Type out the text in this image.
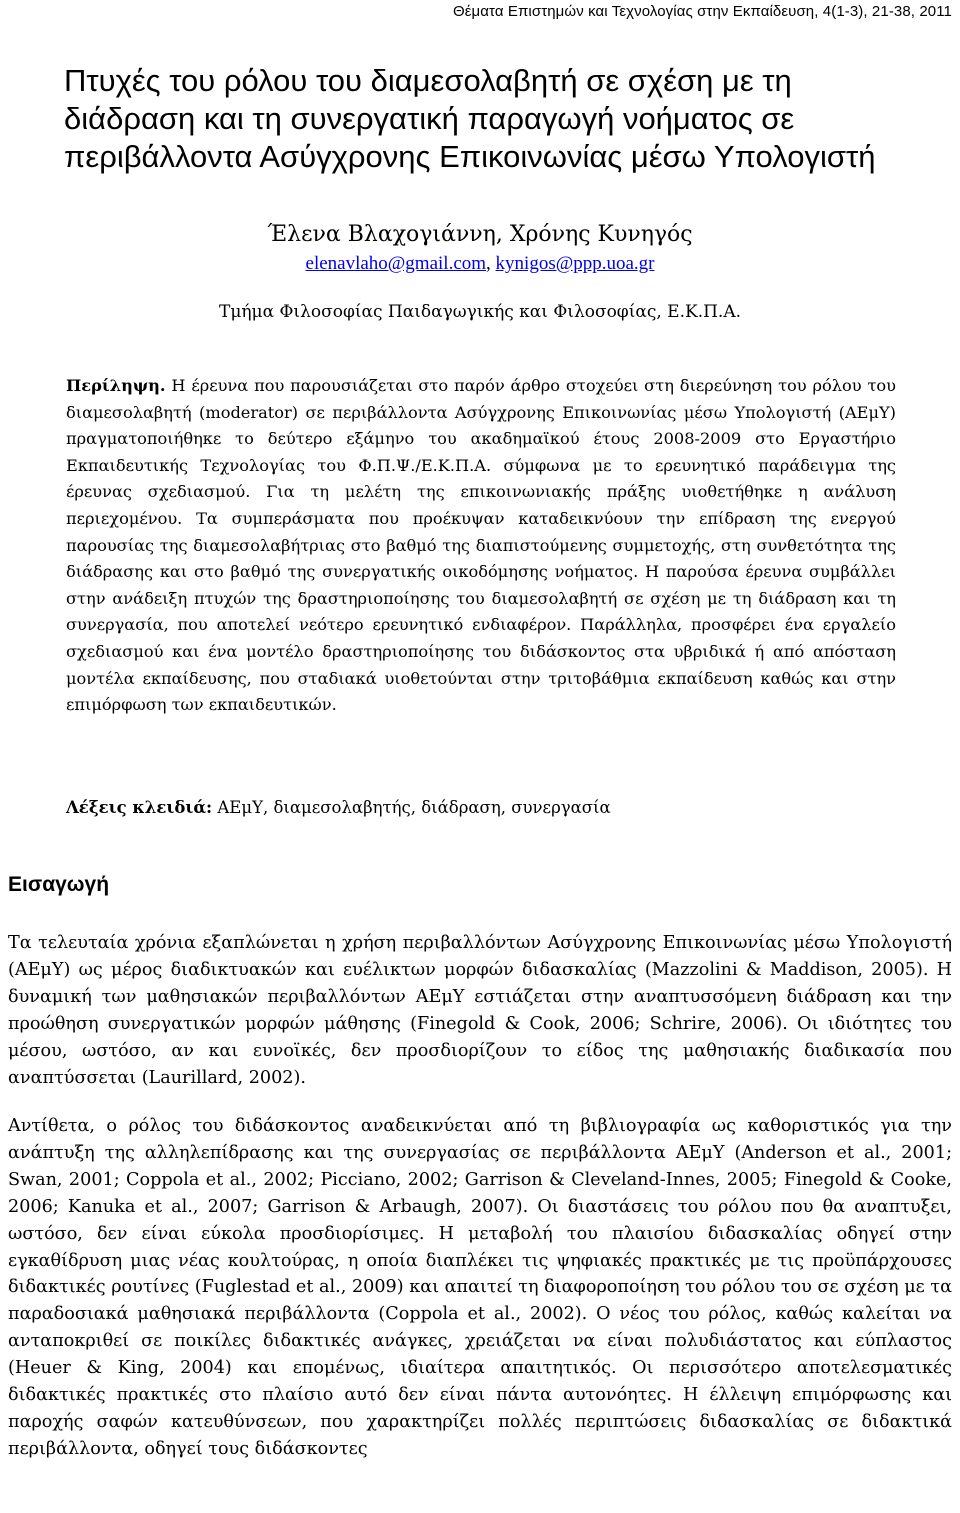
Θέματα Επιστημών και Τεχνολογίας στην Εκπαίδευση, 4(1-3), 21-38, 2011
Πτυχές του ρόλου του διαμεσολαβητή σε σχέση με τη διάδραση και τη συνεργατική παραγωγή νοήματος σε περιβάλλοντα Ασύγχρονης Επικοινωνίας μέσω Υπολογιστή
Έλενα Βλαχογιάννη, Χρόνης Κυνηγός
elenavlaho@gmail.com, kynigos@ppp.uoa.gr
Τμήμα Φιλοσοφίας Παιδαγωγικής και Φιλοσοφίας, Ε.Κ.Π.Α.

Περίληψη. Η έρευνα που παρουσιάζεται στο παρόν άρθρο στοχεύει στη διερεύνηση του ρόλου του διαμεσολαβητή (moderator) σε περιβάλλοντα Ασύγχρονης Επικοινωνίας μέσω Υπολογιστή (ΑΕμΥ) πραγματοποιήθηκε το δεύτερο εξάμηνο του ακαδημαϊκού έτους 2008-2009 στο Εργαστήριο Εκπαιδευτικής Τεχνολογίας του Φ.Π.Ψ./Ε.Κ.Π.Α. σύμφωνα με το ερευνητικό παράδειγμα της έρευνας σχεδιασμού. Για τη μελέτη της επικοινωνιακής πράξης υιοθετήθηκε η ανάλυση περιεχομένου. Τα συμπεράσματα που προέκυψαν καταδεικνύουν την επίδραση της ενεργού παρουσίας της διαμεσολαβήτριας στο βαθμό της διαπιστούμενης συμμετοχής, στη συνθετότητα της διάδρασης και στο βαθμό της συνεργατικής οικοδόμησης νοήματος. Η παρούσα έρευνα συμβάλλει στην ανάδειξη πτυχών της δραστηριοποίησης του διαμεσολαβητή σε σχέση με τη διάδραση και τη συνεργασία, που αποτελεί νεότερο ερευνητικό ενδιαφέρον. Παράλληλα, προσφέρει ένα εργαλείο σχεδιασμού και ένα μοντέλο δραστηριοποίησης του διδάσκοντος στα υβριδικά ή από απόσταση μοντέλα εκπαίδευσης, που σταδιακά υιοθετούνται στην τριτοβάθμια εκπαίδευση καθώς και στην επιμόρφωση των εκπαιδευτικών.

Λέξεις κλειδιά: ΑΕμΥ, διαμεσολαβητής, διάδραση, συνεργασία
Εισαγωγή

Τα τελευταία χρόνια εξαπλώνεται η χρήση περιβαλλόντων Ασύγχρονης Επικοινωνίας μέσω Υπολογιστή (ΑΕμΥ) ως μέρος διαδικτυακών και ευέλικτων μορφών διδασκαλίας (Mazzolini & Maddison, 2005). Η δυναμική των μαθησιακών περιβαλλόντων ΑΕμΥ εστιάζεται στην αναπτυσσόμενη διάδραση και την προώθηση συνεργατικών μορφών μάθησης (Finegold & Cook, 2006; Schrire, 2006). Οι ιδιότητες του μέσου, ωστόσο, αν και ευνοϊκές, δεν προσδιορίζουν το είδος της μαθησιακής διαδικασία που αναπτύσσεται (Laurillard, 2002).

Αντίθετα, ο ρόλος του διδάσκοντος αναδεικνύεται από τη βιβλιογραφία ως καθοριστικός για την ανάπτυξη της αλληλεπίδρασης και της συνεργασίας σε περιβάλλοντα ΑΕμΥ (Anderson et al., 2001; Swan, 2001; Coppola et al., 2002; Picciano, 2002; Garrison & Cleveland-Innes, 2005; Finegold & Cooke, 2006; Kanuka et al., 2007; Garrison & Arbaugh, 2007). Οι διαστάσεις του ρόλου που θα αναπτυξει, ωστόσο, δεν είναι εύκολα προσδιορίσιμες. Η μεταβολή του πλαισίου διδασκαλίας οδηγεί στην εγκαθίδρυση μιας νέας κουλτούρας, η οποία διαπλέκει τις ψηφιακές πρακτικές με τις προϋπάρχουσες διδακτικές ρουτίνες (Fuglestad et al., 2009) και απαιτεί τη διαφοροποίηση του ρόλου του σε σχέση με τα παραδοσιακά μαθησιακά περιβάλλοντα (Coppola et al., 2002). Ο νέος του ρόλος, καθώς καλείται να ανταποκριθεί σε ποικίλες διδακτικές ανάγκες, χρειάζεται να είναι πολυδιάστατος και εύπλαστος (Heuer & King, 2004) και επομένως, ιδιαίτερα απαιτητικός. Οι περισσότερο αποτελεσματικές διδακτικές πρακτικές στο πλαίσιο αυτό δεν είναι πάντα αυτονόητες. Η έλλειψη επιμόρφωσης και παροχής σαφών κατευθύνσεων, που χαρακτηρίζει πολλές περιπτώσεις διδασκαλίας σε διδακτικά περιβάλλοντα, οδηγεί τους διδάσκοντες
